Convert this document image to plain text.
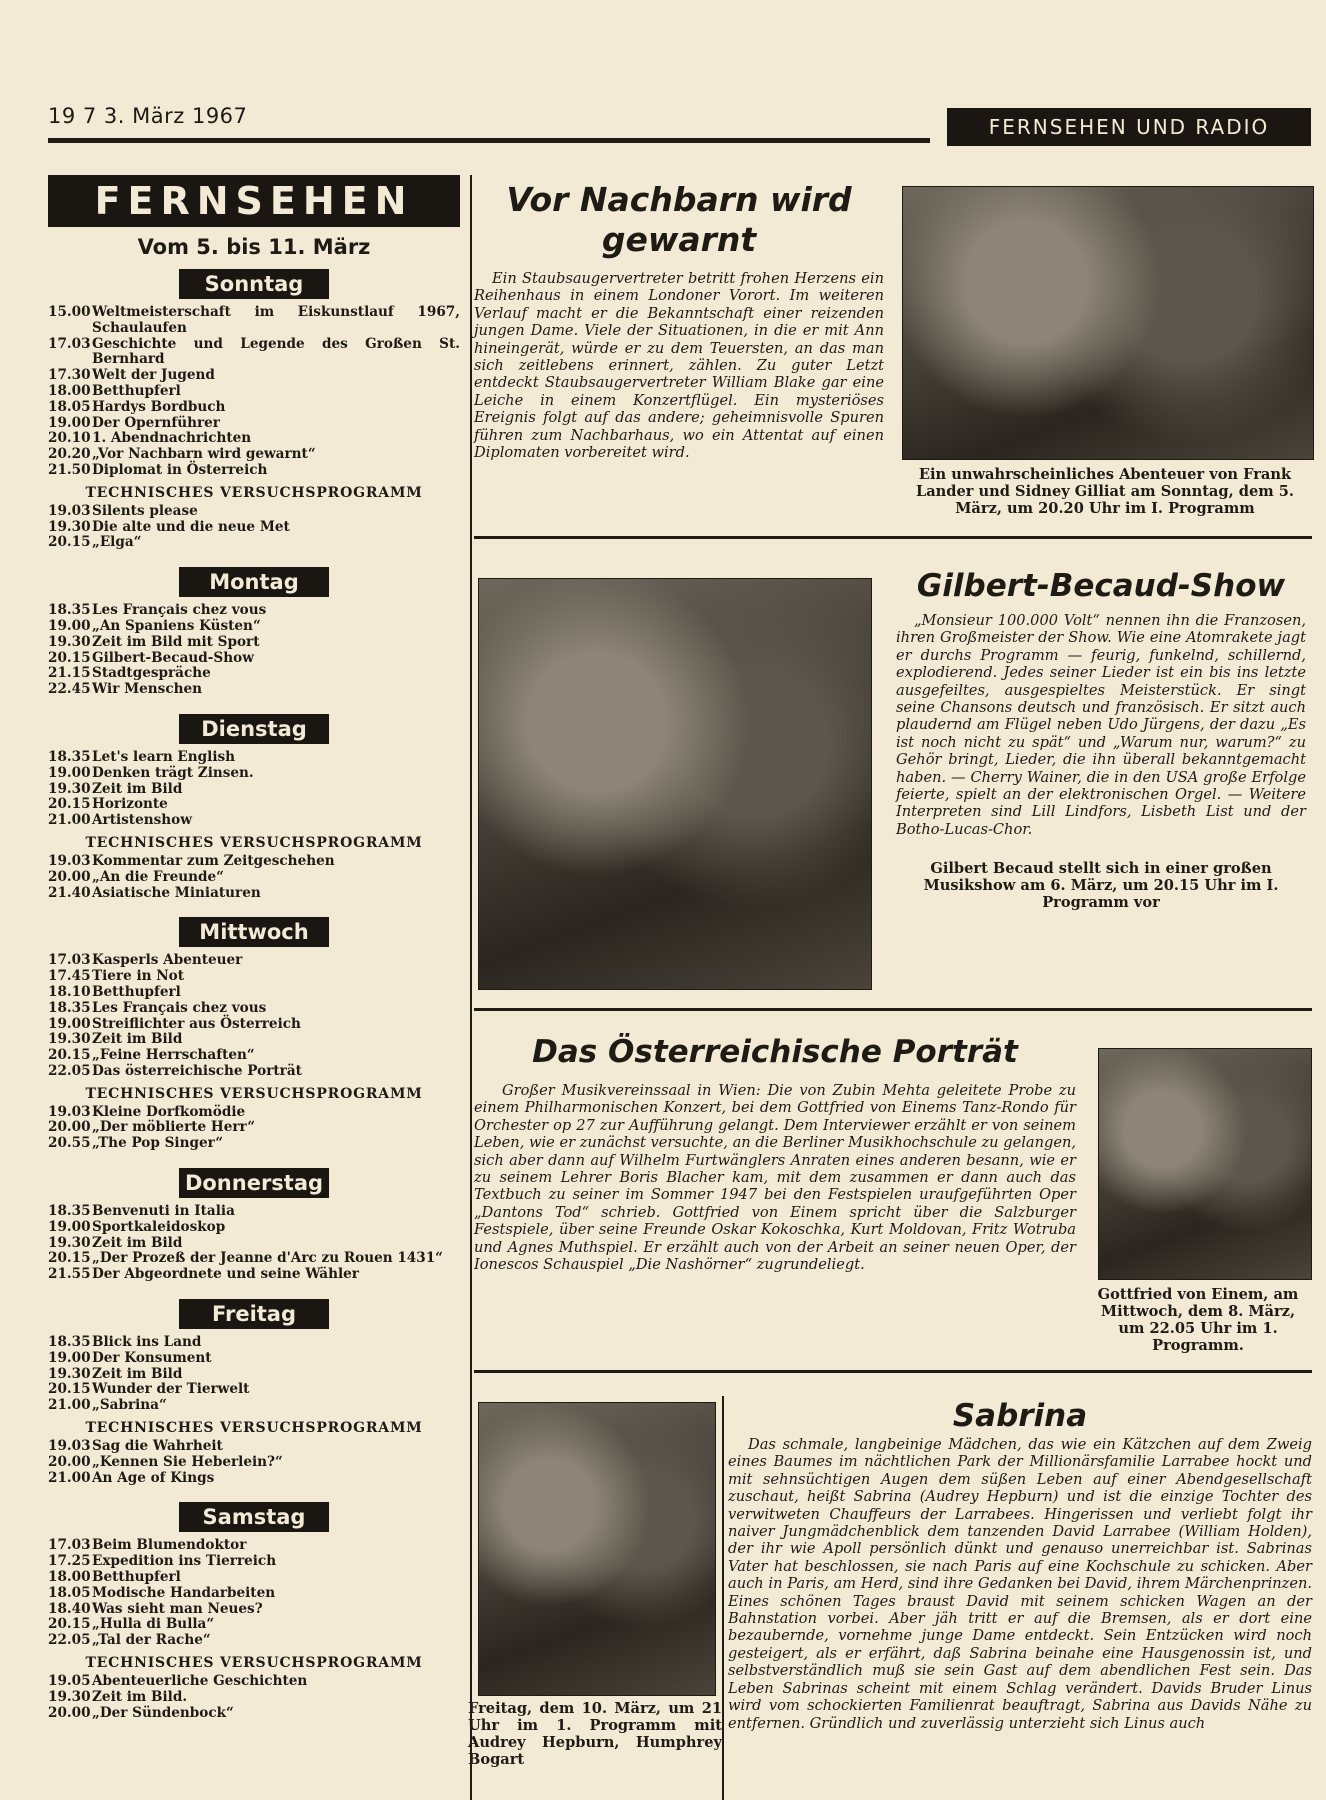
19 7 3. März 1967	FERNSEHEN UND RADIO
FERNSEHEN
Vom 5. bis 11. März
Sonntag
15.00 Weltmeisterschaft im Eiskunstlauf 1967, Schaulaufen
17.03 Geschichte und Legende des Großen St. Bernhard
17.30 Welt der Jugend
18.00 Betthupferl
18.05 Hardys Bordbuch
19.00 Der Opernführer
20.10 1. Abendnachrichten
20.20 „Vor Nachbarn wird gewarnt“
21.50 Diplomat in Österreich
TECHNISCHES VERSUCHSPROGRAMM
19.03 Silents please
19.30 Die alte und die neue Met
20.15 „Elga“
Montag
18.35 Les Français chez vous
19.00 „An Spaniens Küsten“
19.30 Zeit im Bild mit Sport
20.15 Gilbert-Becaud-Show
21.15 Stadtgespräche
22.45 Wir Menschen
Dienstag
18.35 Let's learn English
19.00 Denken trägt Zinsen.
19.30 Zeit im Bild
20.15 Horizonte
21.00 Artistenshow
TECHNISCHES VERSUCHSPROGRAMM
19.03 Kommentar zum Zeitgeschehen
20.00 „An die Freunde“
21.40 Asiatische Miniaturen
Mittwoch
17.03 Kasperls Abenteuer
17.45 Tiere in Not
18.10 Betthupferl
18.35 Les Français chez vous
19.00 Streiflichter aus Österreich
19.30 Zeit im Bild
20.15 „Feine Herrschaften“
22.05 Das österreichische Porträt
TECHNISCHES VERSUCHSPROGRAMM
19.03 Kleine Dorfkomödie
20.00 „Der möblierte Herr“
20.55 „The Pop Singer“
Donnerstag
18.35 Benvenuti in Italia
19.00 Sportkaleidoskop
19.30 Zeit im Bild
20.15 „Der Prozeß der Jeanne d'Arc zu Rouen 1431“
21.55 Der Abgeordnete und seine Wähler
Freitag
18.35 Blick ins Land
19.00 Der Konsument
19.30 Zeit im Bild
20.15 Wunder der Tierwelt
21.00 „Sabrina“
TECHNISCHES VERSUCHSPROGRAMM
19.03 Sag die Wahrheit
20.00 „Kennen Sie Heberlein?“
21.00 An Age of Kings
Samstag
17.03 Beim Blumendoktor
17.25 Expedition ins Tierreich
18.00 Betthupferl
18.05 Modische Handarbeiten
18.40 Was sieht man Neues?
20.15 „Hulla di Bulla“
22.05 „Tal der Rache“
TECHNISCHES VERSUCHSPROGRAMM
19.05 Abenteuerliche Geschichten
19.30 Zeit im Bild.
20.00 „Der Sündenbock“
Vor Nachbarn wird
gewarnt

Ein Staubsaugervertreter betritt frohen Herzens ein Reihenhaus in einem Londoner Vorort. Im weiteren Verlauf macht er die Bekanntschaft einer reizenden jungen Dame. Viele der Situationen, in die er mit Ann hineingerät, würde er zu dem Teuersten, an das man sich zeitlebens erinnert, zählen. Zu guter Letzt entdeckt Staubsaugervertreter William Blake gar eine Leiche in einem Konzertflügel. Ein mysteriöses Ereignis folgt auf das andere; geheimnisvolle Spuren führen zum Nachbarhaus, wo ein Attentat auf einen Diplomaten vorbereitet wird.

Ein unwahrscheinliches Abenteuer von Frank Lander und Sidney Gilliat am Sonntag, dem 5. März, um 20.20 Uhr im I. Programm

Gilbert-Becaud-Show

„Monsieur 100.000 Volt“ nennen ihn die Franzosen, ihren Großmeister der Show. Wie eine Atomrakete jagt er durchs Programm — feurig, funkelnd, schillernd, explodierend. Jedes seiner Lieder ist ein bis ins letzte ausgefeiltes, ausgespieltes Meisterstück. Er singt seine Chansons deutsch und französisch. Er sitzt auch plaudernd am Flügel neben Udo Jürgens, der dazu „Es ist noch nicht zu spät“ und „Warum nur, warum?“ zu Gehör bringt, Lieder, die ihn überall bekanntgemacht haben. — Cherry Wainer, die in den USA große Erfolge feierte, spielt an der elektronischen Orgel. — Weitere Interpreten sind Lill Lindfors, Lisbeth List und der Botho-Lucas-Chor.

Gilbert Becaud stellt sich in einer großen Musikshow am 6. März, um 20.15 Uhr im I. Programm vor

Das Österreichische Porträt

Großer Musikvereinssaal in Wien: Die von Zubin Mehta geleitete Probe zu einem Philharmonischen Konzert, bei dem Gottfried von Einems Tanz-Rondo für Orchester op 27 zur Aufführung gelangt. Dem Interviewer erzählt er von seinem Leben, wie er zunächst versuchte, an die Berliner Musikhochschule zu gelangen, sich aber dann auf Wilhelm Furtwänglers Anraten eines anderen besann, wie er zu seinem Lehrer Boris Blacher kam, mit dem zusammen er dann auch das Textbuch zu seiner im Sommer 1947 bei den Festspielen uraufgeführten Oper „Dantons Tod“ schrieb. Gottfried von Einem spricht über die Salzburger Festspiele, über seine Freunde Oskar Kokoschka, Kurt Moldovan, Fritz Wotruba und Agnes Muthspiel. Er erzählt auch von der Arbeit an seiner neuen Oper, der Ionescos Schauspiel „Die Nashörner“ zugrundeliegt.

Gottfried von Einem, am Mittwoch, dem 8. März, um 22.05 Uhr im 1. Programm.

Freitag, dem 10. März, um 21 Uhr im 1. Programm mit Audrey Hepburn, Humphrey Bogart

Sabrina

Das schmale, langbeinige Mädchen, das wie ein Kätzchen auf dem Zweig eines Baumes im nächtlichen Park der Millionärsfamilie Larrabee hockt und mit sehnsüchtigen Augen dem süßen Leben auf einer Abendgesellschaft zuschaut, heißt Sabrina (Audrey Hepburn) und ist die einzige Tochter des verwitweten Chauffeurs der Larrabees. Hingerissen und verliebt folgt ihr naiver Jungmädchenblick dem tanzenden David Larrabee (William Holden), der ihr wie Apoll persönlich dünkt und genauso unerreichbar ist. Sabrinas Vater hat beschlossen, sie nach Paris auf eine Kochschule zu schicken. Aber auch in Paris, am Herd, sind ihre Gedanken bei David, ihrem Märchenprinzen. Eines schönen Tages braust David mit seinem schicken Wagen an der Bahnstation vorbei. Aber jäh tritt er auf die Bremsen, als er dort eine bezaubernde, vornehme junge Dame entdeckt. Sein Entzücken wird noch gesteigert, als er erfährt, daß Sabrina beinahe eine Hausgenossin ist, und selbstverständlich muß sie sein Gast auf dem abendlichen Fest sein. Das Leben Sabrinas scheint mit einem Schlag verändert. Davids Bruder Linus wird vom schockierten Familienrat beauftragt, Sabrina aus Davids Nähe zu entfernen. Gründlich und zuverlässig unterzieht sich Linus auch
